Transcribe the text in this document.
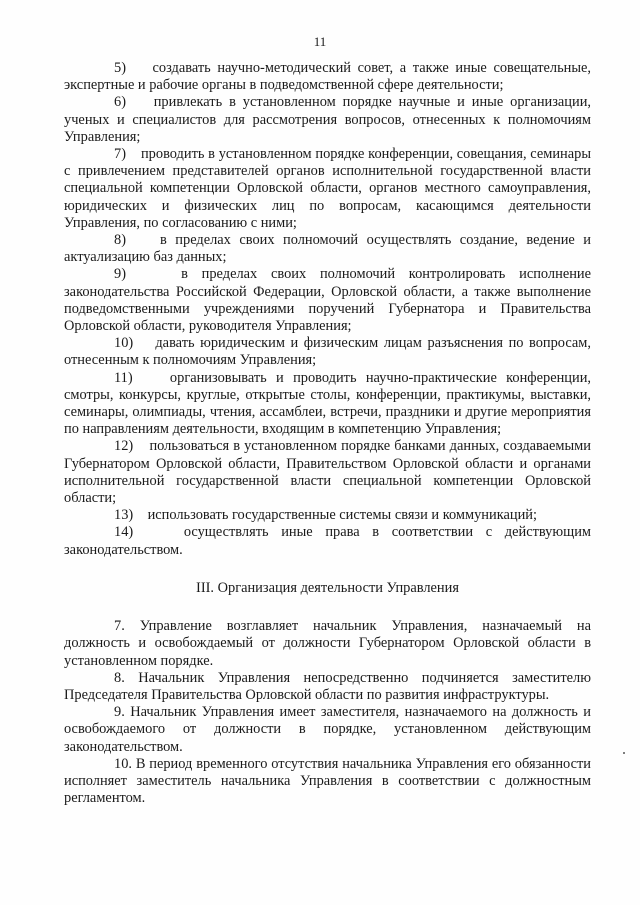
11

5) создавать научно-методический совет, а также иные совещательные, экспертные и рабочие органы в подведомственной сфере деятельности;

6) привлекать в установленном порядке научные и иные организации, ученых и специалистов для рассмотрения вопросов, отнесенных к полномочиям Управления;

7) проводить в установленном порядке конференции, совещания, семинары с привлечением представителей органов исполнительной государственной власти специальной компетенции Орловской области, органов местного самоуправления, юридических и физических лиц по вопросам, касающимся деятельности Управления, по согласованию с ними;

8) в пределах своих полномочий осуществлять создание, ведение и актуализацию баз данных;

9)	в пределах своих полномочий контролировать исполнение законодательства Российской Федерации, Орловской области, а также выполнение подведомственными учреждениями поручений Губернатора и Правительства Орловской области, руководителя Управления;

10) давать юридическим и физическим лицам разъяснения по вопросам, отнесенным к полномочиям Управления;

11)	организовывать и проводить научно-практические конференции, смотры, конкурсы, круглые, открытые столы, конференции, практикумы, выставки, семинары, олимпиады, чтения, ассамблеи, встречи, праздники и другие мероприятия по направлениям деятельности, входящим в компетенцию Управления;

12) пользоваться в установленном порядке банками данных, создаваемыми Губернатором Орловской области, Правительством Орловской области и органами исполнительной государственной власти специальной компетенции Орловской области;

13) использовать государственные системы связи и коммуникаций;

14)	осуществлять иные права в соответствии с действующим законодательством.

III. Организация деятельности Управления

7. Управление возглавляет начальник Управления, назначаемый на должность и освобождаемый от должности Губернатором Орловской области в установленном порядке.

8. Начальник Управления непосредственно подчиняется заместителю Председателя Правительства Орловской области по развития инфраструктуры.

9. Начальник Управления имеет заместителя, назначаемого на должность и освобождаемого от должности в порядке, установленном действующим законодательством.

10. В период временного отсутствия начальника Управления его обязанности исполняет заместитель начальника Управления в соответствии с должностным регламентом.
